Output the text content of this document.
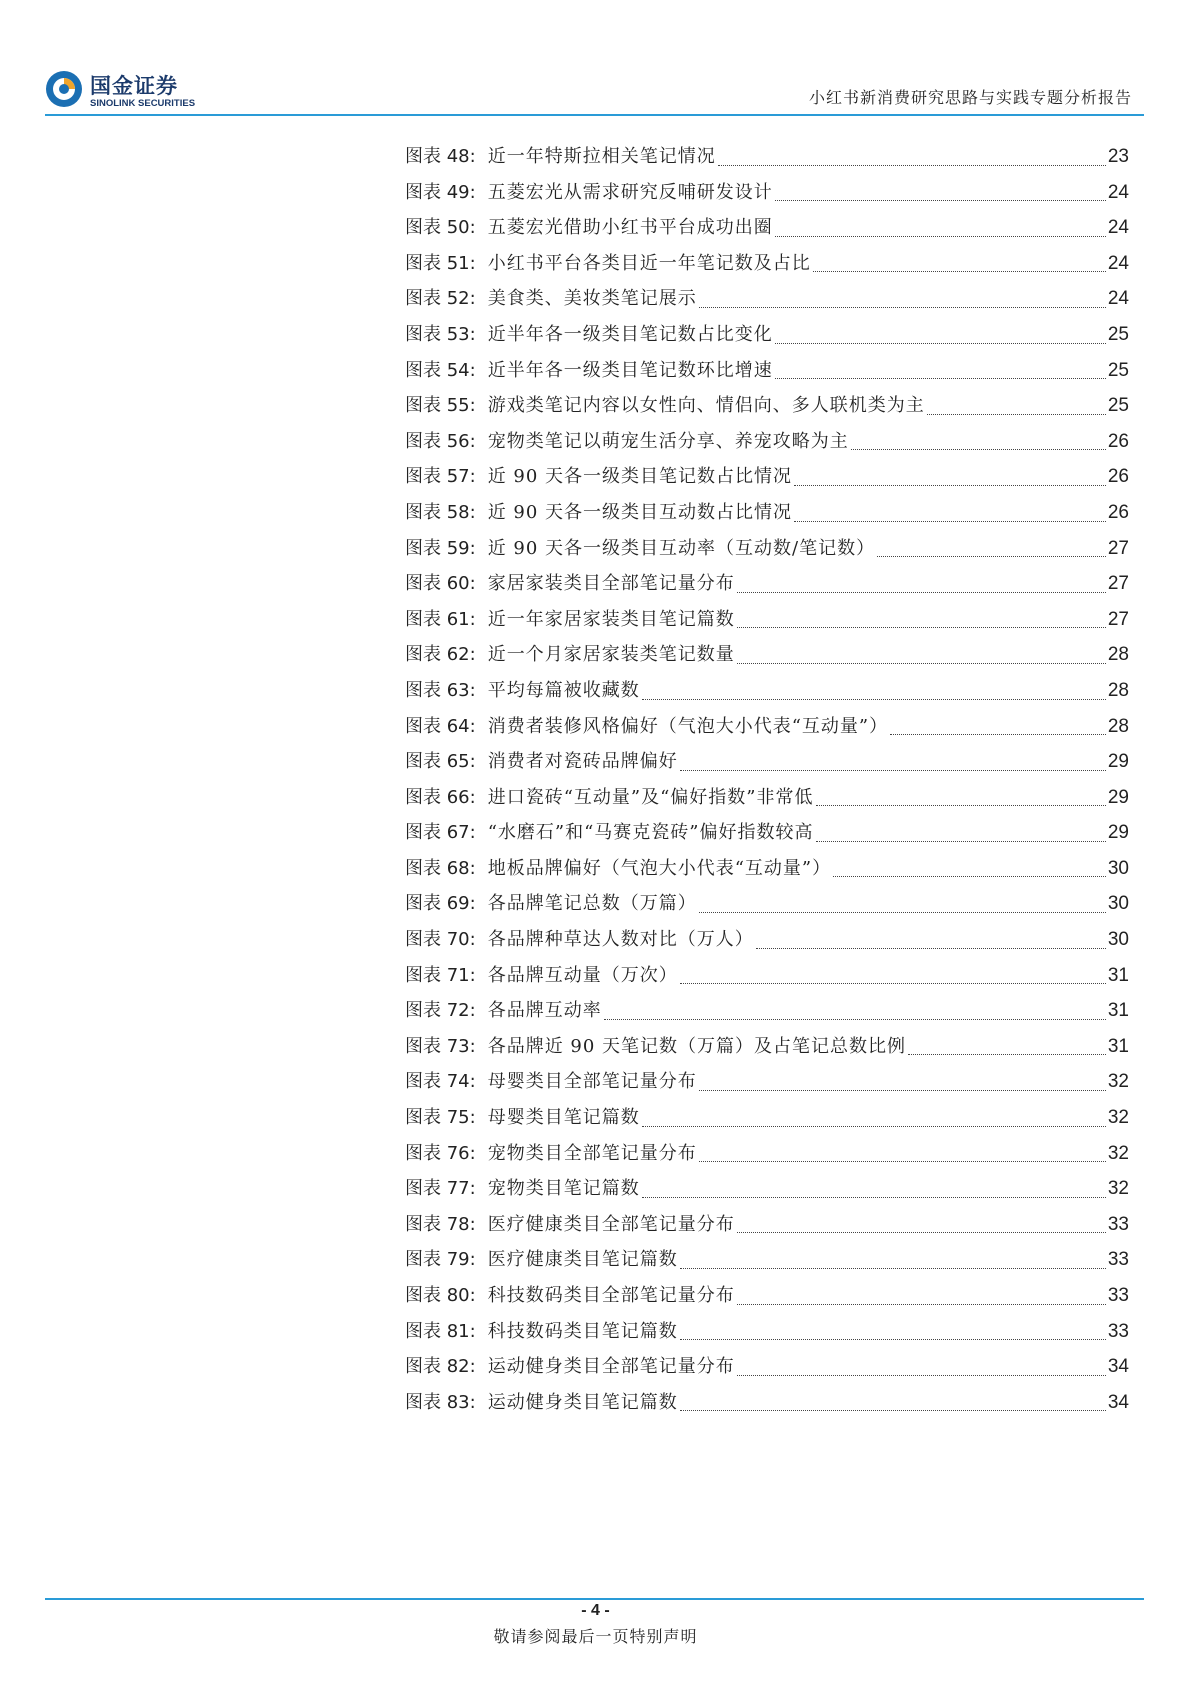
国金证券
SINOLINK SECURITIES	小红书新消费研究思路与实践专题分析报告
图表 48: 近一年特斯拉相关笔记情况	23
图表 49: 五菱宏光从需求研究反哺研发设计	24
图表 50: 五菱宏光借助小红书平台成功出圈	24
图表 51: 小红书平台各类目近一年笔记数及占比	24
图表 52: 美食类、美妆类笔记展示	24
图表 53: 近半年各一级类目笔记数占比变化	25
图表 54: 近半年各一级类目笔记数环比增速	25
图表 55: 游戏类笔记内容以女性向、情侣向、多人联机类为主	25
图表 56: 宠物类笔记以萌宠生活分享、养宠攻略为主	26
图表 57: 近 90 天各一级类目笔记数占比情况	26
图表 58: 近 90 天各一级类目互动数占比情况	26
图表 59: 近 90 天各一级类目互动率（互动数/笔记数）	27
图表 60: 家居家装类目全部笔记量分布	27
图表 61: 近一年家居家装类目笔记篇数	27
图表 62: 近一个月家居家装类笔记数量	28
图表 63: 平均每篇被收藏数	28
图表 64: 消费者装修风格偏好（气泡大小代表“互动量”）	28
图表 65: 消费者对瓷砖品牌偏好	29
图表 66: 进口瓷砖“互动量”及“偏好指数”非常低	29
图表 67: “水磨石”和“马赛克瓷砖”偏好指数较高	29
图表 68: 地板品牌偏好（气泡大小代表“互动量”）	30
图表 69: 各品牌笔记总数（万篇）	30
图表 70: 各品牌种草达人数对比（万人）	30
图表 71: 各品牌互动量（万次）	31
图表 72: 各品牌互动率	31
图表 73: 各品牌近 90 天笔记数（万篇）及占笔记总数比例	31
图表 74: 母婴类目全部笔记量分布	32
图表 75: 母婴类目笔记篇数	32
图表 76: 宠物类目全部笔记量分布	32
图表 77: 宠物类目笔记篇数	32
图表 78: 医疗健康类目全部笔记量分布	33
图表 79: 医疗健康类目笔记篇数	33
图表 80: 科技数码类目全部笔记量分布	33
图表 81: 科技数码类目笔记篇数	33
图表 82: 运动健身类目全部笔记量分布	34
图表 83: 运动健身类目笔记篇数	34
- 4 -
敬请参阅最后一页特别声明
